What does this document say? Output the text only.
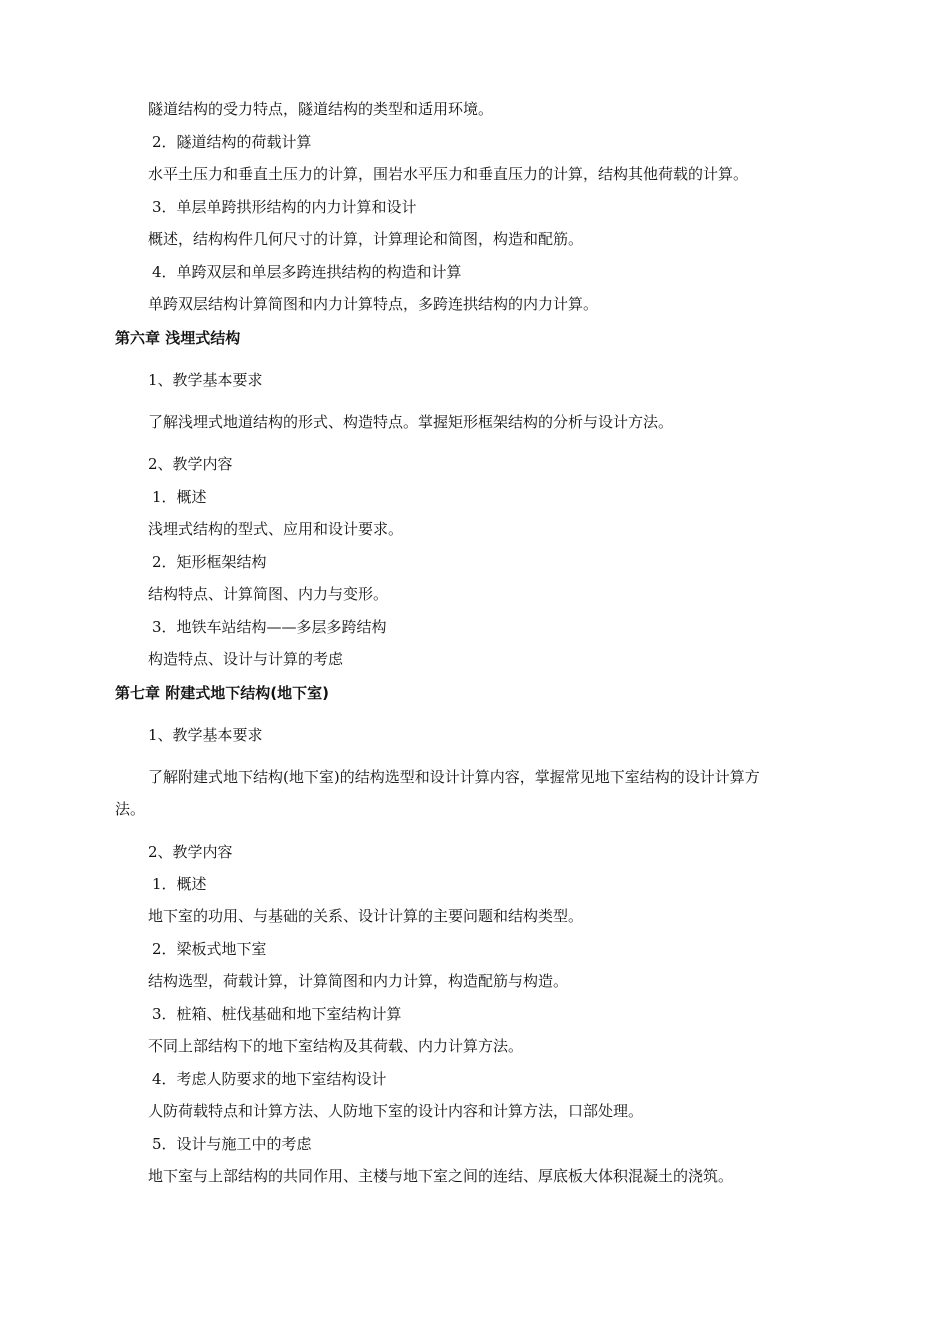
隧道结构的受力特点，隧道结构的类型和适用环境。
2．隧道结构的荷载计算
水平土压力和垂直土压力的计算，围岩水平压力和垂直压力的计算，结构其他荷载的计算。
3．单层单跨拱形结构的内力计算和设计
概述，结构构件几何尺寸的计算，计算理论和简图，构造和配筋。
4．单跨双层和单层多跨连拱结构的构造和计算
单跨双层结构计算简图和内力计算特点，多跨连拱结构的内力计算。
第六章 浅埋式结构
1、教学基本要求
了解浅埋式地道结构的形式、构造特点。掌握矩形框架结构的分析与设计方法。
2、教学内容
1．概述
浅埋式结构的型式、应用和设计要求。
2．矩形框架结构
结构特点、计算简图、内力与变形。
3．地铁车站结构——多层多跨结构
构造特点、设计与计算的考虑
第七章 附建式地下结构(地下室)
1、教学基本要求
了解附建式地下结构(地下室)的结构选型和设计计算内容，掌握常见地下室结构的设计计算方
法。
2、教学内容
1．概述
地下室的功用、与基础的关系、设计计算的主要问题和结构类型。
2．梁板式地下室
结构选型，荷载计算，计算简图和内力计算，构造配筋与构造。
3．桩箱、桩伐基础和地下室结构计算
不同上部结构下的地下室结构及其荷载、内力计算方法。
4．考虑人防要求的地下室结构设计
人防荷载特点和计算方法、人防地下室的设计内容和计算方法，口部处理。
5．设计与施工中的考虑
地下室与上部结构的共同作用、主楼与地下室之间的连结、厚底板大体积混凝土的浇筑。
